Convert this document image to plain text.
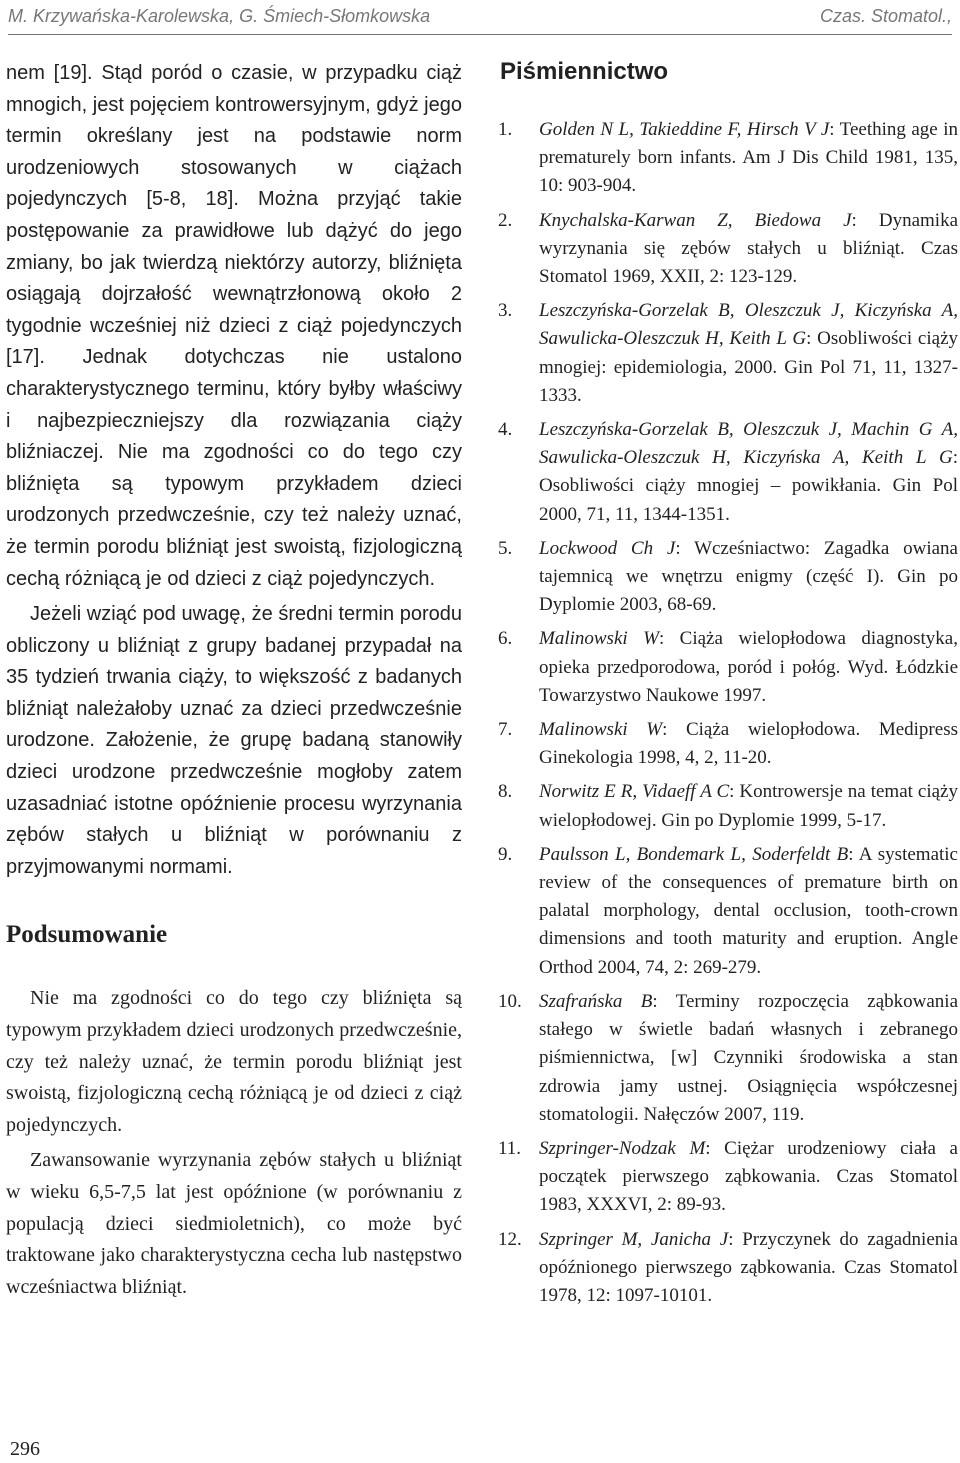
M. Krzywańska-Karolewska, G. Śmiech-Słomkowska	Czas. Stomatol.,

nem [19]. Stąd poród o czasie, w przypadku ciąż mnogich, jest pojęciem kontrowersyjnym, gdyż jego termin określany jest na podstawie norm urodzeniowych stosowanych w ciążach pojedynczych [5-8, 18]. Można przyjąć takie postępowanie za prawidłowe lub dążyć do jego zmiany, bo jak twierdzą niektórzy autorzy, bliźnięta osiągają dojrzałość wewnątrzłonową około 2 tygodnie wcześniej niż dzieci z ciąż pojedynczych [17]. Jednak dotychczas nie ustalono charakterystycznego terminu, który byłby właściwy i najbezpieczniejszy dla rozwiązania ciąży bliźniaczej. Nie ma zgodności co do tego czy bliźnięta są typowym przykładem dzieci urodzonych przedwcześnie, czy też należy uznać, że termin porodu bliźniąt jest swoistą, fizjologiczną cechą różniącą je od dzieci z ciąż pojedynczych.

Jeżeli wziąć pod uwagę, że średni termin porodu obliczony u bliźniąt z grupy badanej przypadał na 35 tydzień trwania ciąży, to większość z badanych bliźniąt należałoby uznać za dzieci przedwcześnie urodzone. Założenie, że grupę badaną stanowiły dzieci urodzone przedwcześnie mogłoby zatem uzasadniać istotne opóźnienie procesu wyrzynania zębów stałych u bliźniąt w porównaniu z przyjmowanymi normami.

Podsumowanie

Nie ma zgodności co do tego czy bliźnięta są typowym przykładem dzieci urodzonych przedwcześnie, czy też należy uznać, że termin porodu bliźniąt jest swoistą, fizjologiczną cechą różniącą je od dzieci z ciąż pojedynczych.

Zawansowanie wyrzynania zębów stałych u bliźniąt w wieku 6,5-7,5 lat jest opóźnione (w porównaniu z populacją dzieci siedmioletnich), co może być traktowane jako charakterystyczna cecha lub następstwo wcześniactwa bliźniąt.

Piśmiennictwo
1. Golden N L, Takieddine F, Hirsch V J: Teething age in prematurely born infants. Am J Dis Child 1981, 135, 10: 903-904.
2. Knychalska-Karwan Z, Biedowa J: Dynamika wyrzynania się zębów stałych u bliźniąt. Czas Stomatol 1969, XXII, 2: 123-129.
3. Leszczyńska-Gorzelak B, Oleszczuk J, Kiczyńska A, Sawulicka-Oleszczuk H, Keith L G: Osobliwości ciąży mnogiej: epidemiologia, 2000. Gin Pol 71, 11, 1327-1333.
4. Leszczyńska-Gorzelak B, Oleszczuk J, Machin G A, Sawulicka-Oleszczuk H, Kiczyńska A, Keith L G: Osobliwości ciąży mnogiej – powikłania. Gin Pol 2000, 71, 11, 1344-1351.
5. Lockwood Ch J: Wcześniactwo: Zagadka owiana tajemnicą we wnętrzu enigmy (część I). Gin po Dyplomie 2003, 68-69.
6. Malinowski W: Ciąża wielopłodowa diagnostyka, opieka przedporodowa, poród i połóg. Wyd. Łódzkie Towarzystwo Naukowe 1997.
7. Malinowski W: Ciąża wielopłodowa. Medipress Ginekologia 1998, 4, 2, 11-20.
8. Norwitz E R, Vidaeff A C: Kontrowersje na temat ciąży wielopłodowej. Gin po Dyplomie 1999, 5-17.
9. Paulsson L, Bondemark L, Soderfeldt B: A systematic review of the consequences of premature birth on palatal morphology, dental occlusion, tooth-crown dimensions and tooth maturity and eruption. Angle Orthod 2004, 74, 2: 269-279.
10. Szafrańska B: Terminy rozpoczęcia ząbkowania stałego w świetle badań własnych i zebranego piśmiennictwa, [w] Czynniki środowiska a stan zdrowia jamy ustnej. Osiągnięcia współczesnej stomatologii. Nałęczów 2007, 119.
11. Szpringer-Nodzak M: Ciężar urodzeniowy ciała a początek pierwszego ząbkowania. Czas Stomatol 1983, XXXVI, 2: 89-93.
12. Szpringer M, Janicha J: Przyczynek do zagadnienia opóźnionego pierwszego ząbkowania. Czas Stomatol 1978, 12: 1097-10101.
296
